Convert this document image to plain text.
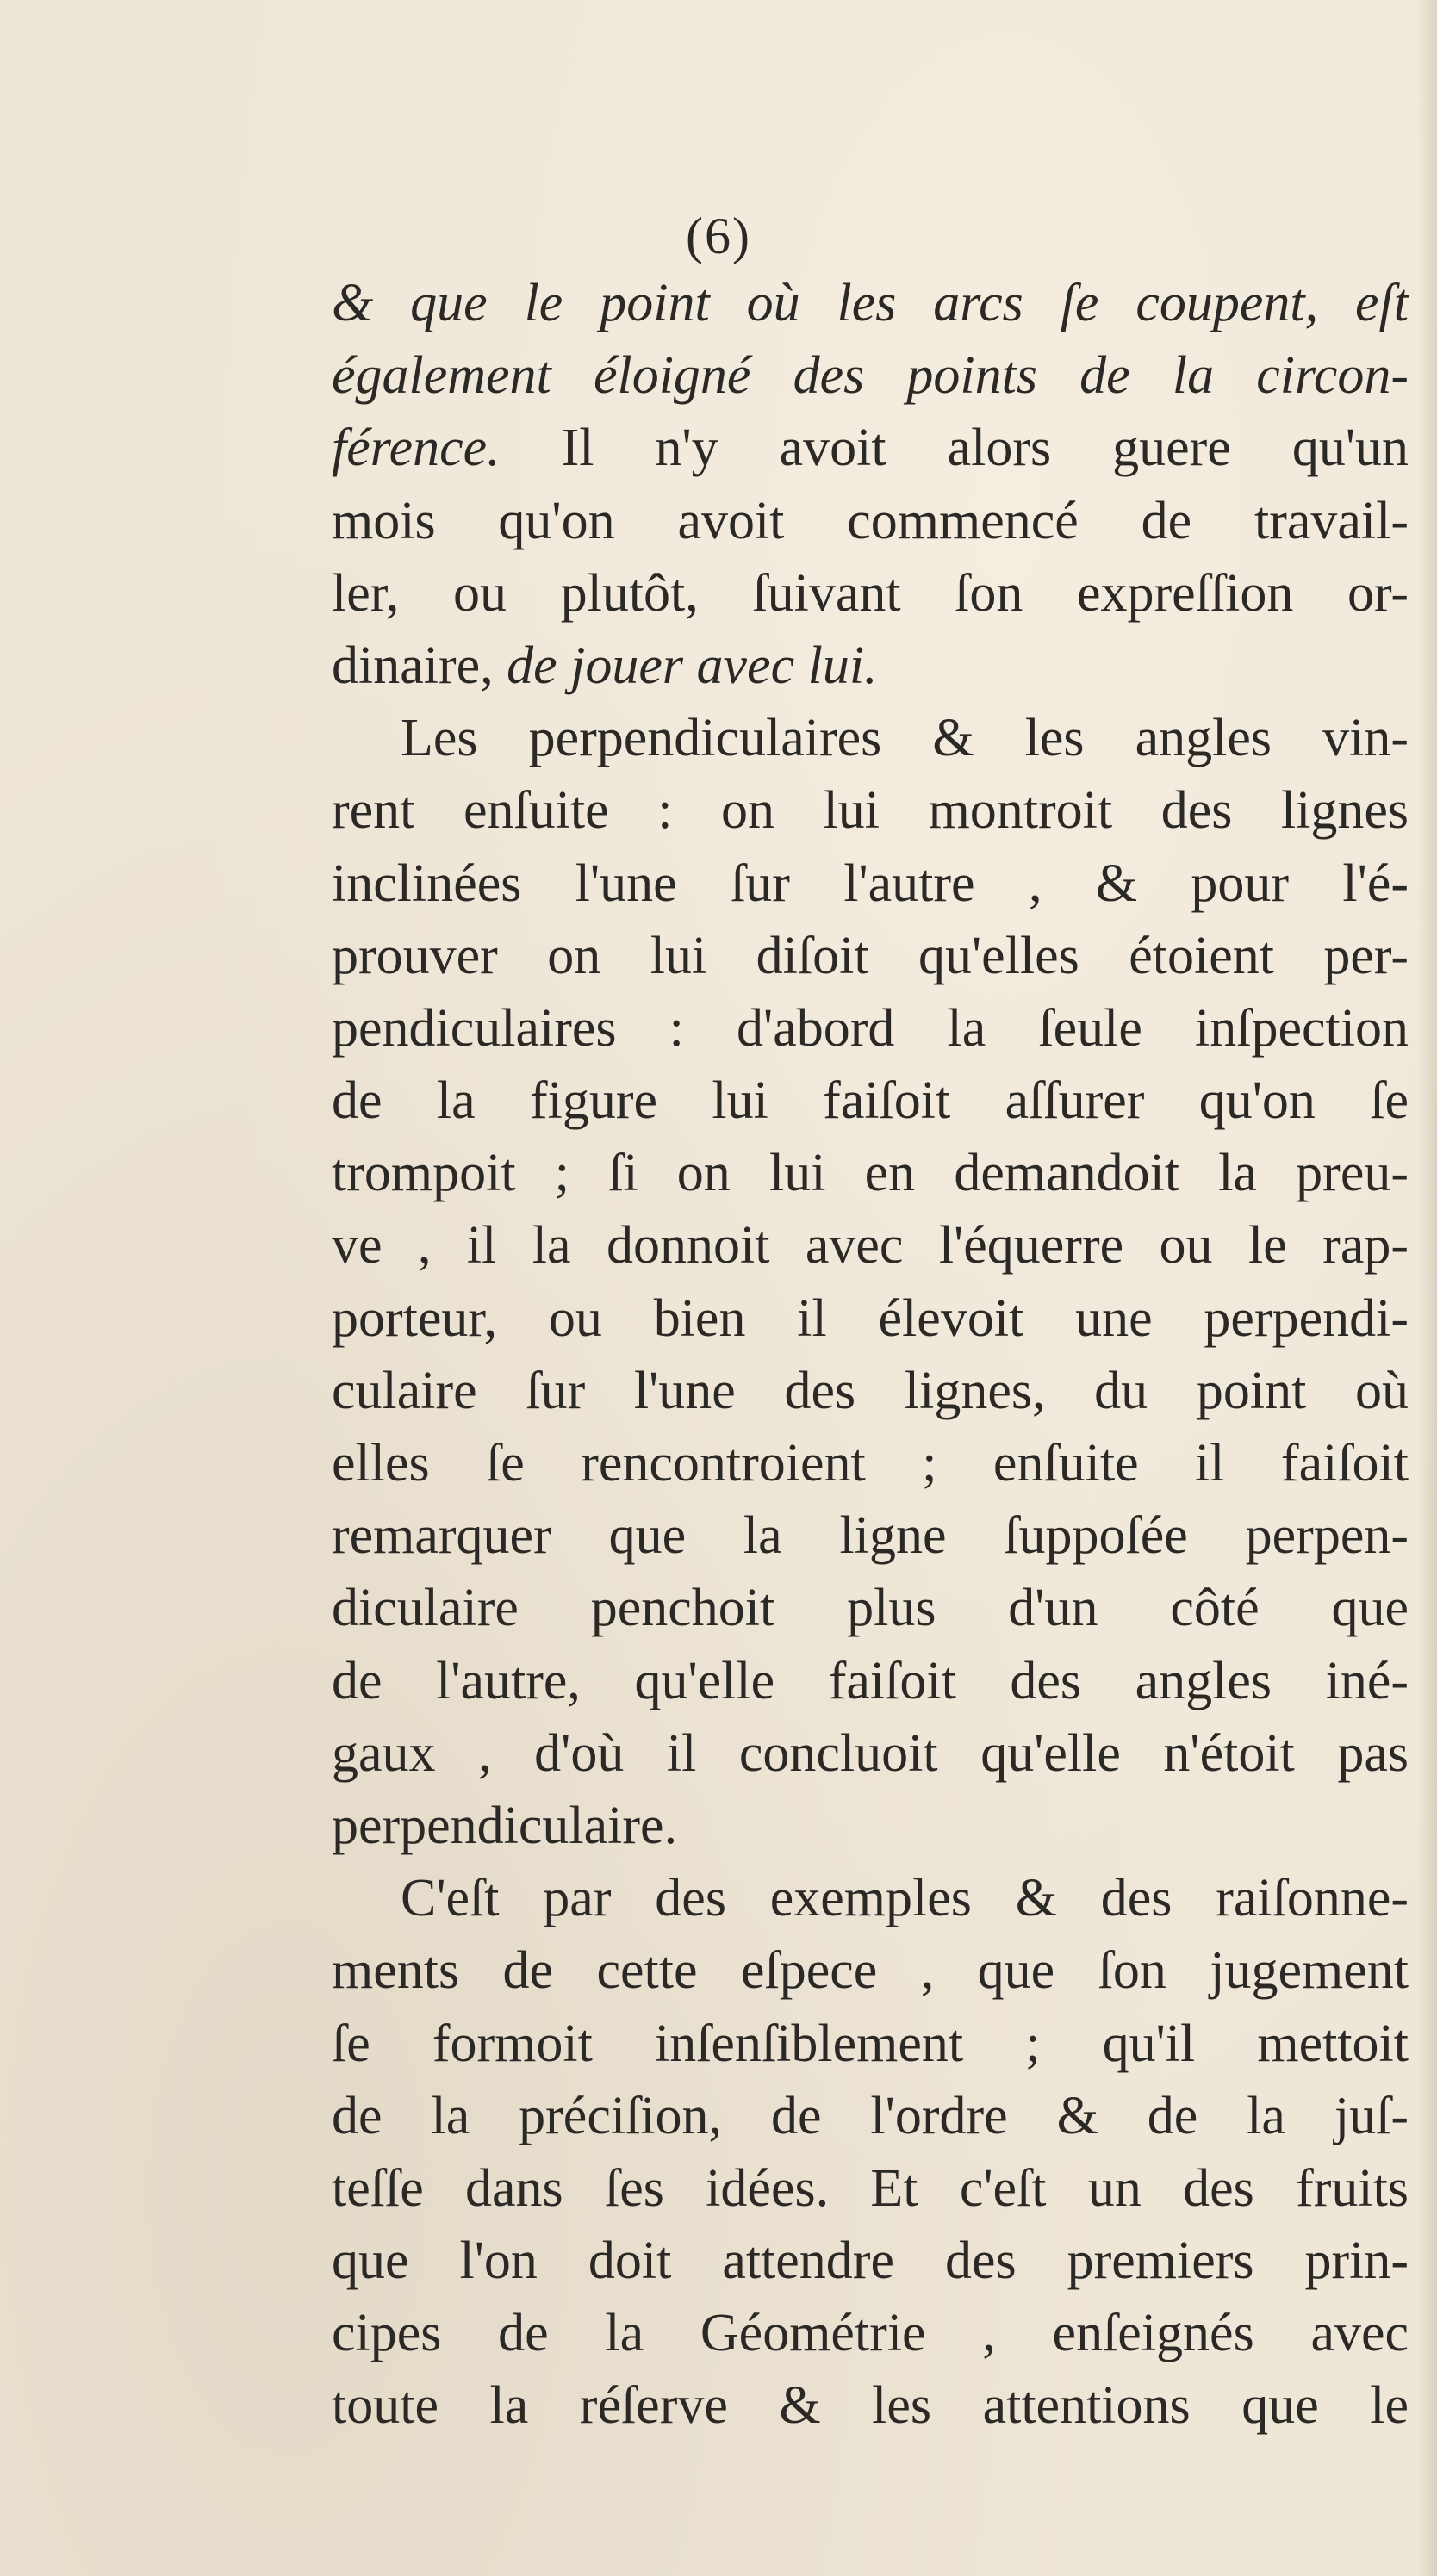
(6)
& que le point où les arcs ſe coupent, eſt
également éloigné des points de la circon-
férence. Il n'y avoit alors guere qu'un
mois qu'on avoit commencé de travail-
ler, ou plutôt, ſuivant ſon expreſſion or-
dinaire, de jouer avec lui.
Les perpendiculaires & les angles vin-
rent enſuite : on lui montroit des lignes
inclinées l'une ſur l'autre , & pour l'é-
prouver on lui diſoit qu'elles étoient per-
pendiculaires : d'abord la ſeule inſpection
de la figure lui faiſoit aſſurer qu'on ſe
trompoit ; ſi on lui en demandoit la preu-
ve , il la donnoit avec l'équerre ou le rap-
porteur, ou bien il élevoit une perpendi-
culaire ſur l'une des lignes, du point où
elles ſe rencontroient ; enſuite il faiſoit
remarquer que la ligne ſuppoſée perpen-
diculaire penchoit plus d'un côté que
de l'autre, qu'elle faiſoit des angles iné-
gaux , d'où il concluoit qu'elle n'étoit pas
perpendiculaire.
C'eſt par des exemples & des raiſonne-
ments de cette eſpece , que ſon jugement
ſe formoit inſenſiblement ; qu'il mettoit
de la préciſion, de l'ordre & de la juſ-
teſſe dans ſes idées. Et c'eſt un des fruits
que l'on doit attendre des premiers prin-
cipes de la Géométrie , enſeignés avec
toute la réſerve & les attentions que le
